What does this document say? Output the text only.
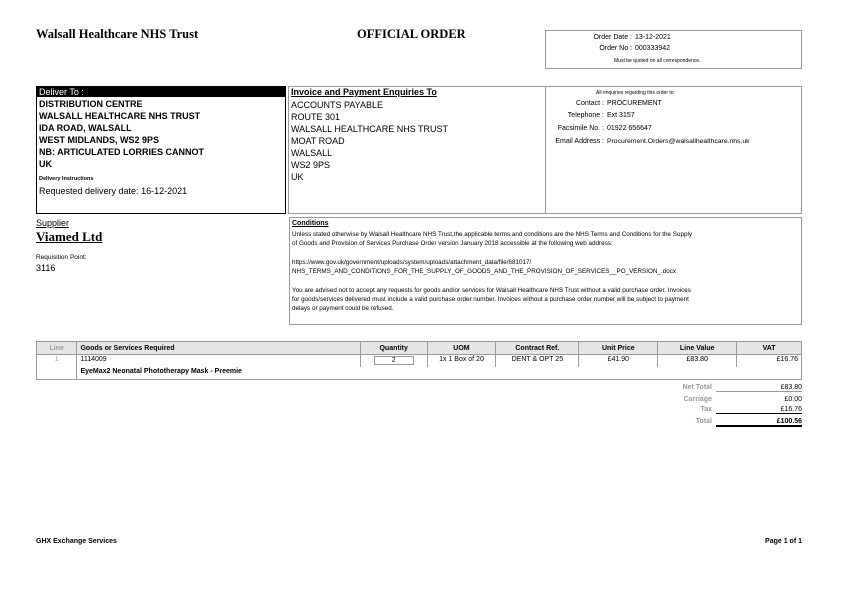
Walsall Healthcare NHS Trust	OFFICIAL ORDER	Order Date : 13-12-2021
Order No : 000333942
Must be quoted on all correspondence.
Deliver To :
DISTRIBUTION CENTRE
WALSALL HEALTHCARE NHS TRUST
IDA ROAD, WALSALL
WEST MIDLANDS, WS2 9PS
NB: ARTICULATED LORRIES CANNOT
UK
Delivery Instructions
Requested delivery date: 16-12-2021
Invoice and Payment Enquiries To
ACCOUNTS PAYABLE
ROUTE 301
WALSALL HEALTHCARE NHS TRUST
MOAT ROAD
WALSALL
WS2 9PS
UK
All enquiries regarding this order to:
Contact : PROCUREMENT
Telephone : Ext 3157
Facsimile No. : 01922 656647
Email Address : Procurement.Orders@walsallhealthcare.nhs.uk
Supplier
Viamed Ltd
Requisition Point:
3116
Conditions
Unless stated otherwise by Walsall Healthcare NHS Trust,the applicable terms and conditions are the NHS Terms and Conditions for the Supply
of Goods and Provision of Services Purchase Order version January 2018 accessible at the following web address:
https://www.gov.uk/government/uploads/system/uploads/attachment_data/file/681017/
NHS_TERMS_AND_CONDITIONS_FOR_THE_SUPPLY_OF_GOODS_AND_THE_PROVISION_OF_SERVICES__PO_VERSION_.docx
You are advised not to accept any requests for goods and/or services for Walsall Healthcare NHS Trust without a valid purchase order. Invoices
for goods/services delivered must include a valid purchase order number. Invoices without a purchase order number will be subject to payment
delays or payment could be refused.
Line	Goods or Services Required	Quantity	UOM	Contract Ref.	Unit Price	Line Value	VAT
1	1114009	2	1x 1 Box of 20	DENT & OPT 25	£41.90	£83.80	£16.76
	EyeMax2 Neonatal Phototherapy Mask - Preemie						
Net Total	£83.80
Carriage	£0.00
Tax	£16.76
Total	£100.56
GHX Exchange Services	Page 1 of 1
